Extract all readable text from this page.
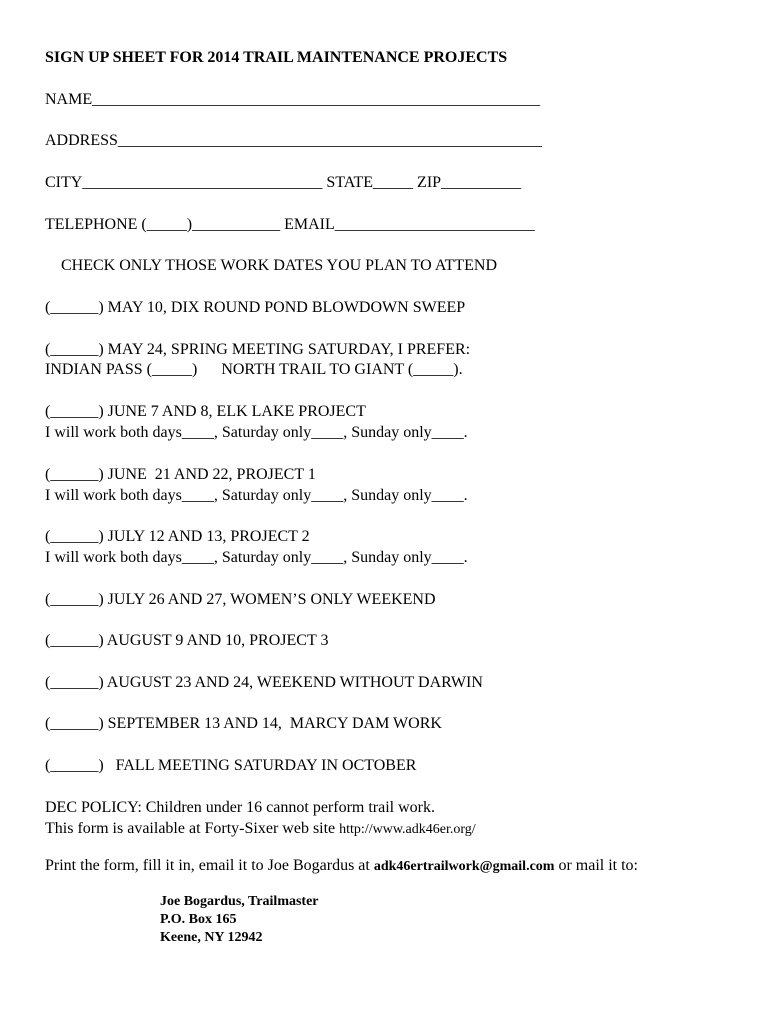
SIGN UP SHEET FOR 2014 TRAIL MAINTENANCE PROJECTS
NAME________________________________________________________
ADDRESS_____________________________________________________
CITY______________________________ STATE_____ ZIP__________
TELEPHONE (_____)___________ EMAIL_________________________
CHECK ONLY THOSE WORK DATES YOU PLAN TO ATTEND
(______) MAY 10, DIX ROUND POND BLOWDOWN SWEEP
(______) MAY 24, SPRING MEETING SATURDAY, I PREFER:
INDIAN PASS (_____)      NORTH TRAIL TO GIANT (_____).
(______) JUNE 7 AND 8, ELK LAKE PROJECT
I will work both days____, Saturday only____, Sunday only____.
(______) JUNE  21 AND 22, PROJECT 1
I will work both days____, Saturday only____, Sunday only____.
(______) JULY 12 AND 13, PROJECT 2
I will work both days____, Saturday only____, Sunday only____.
(______) JULY 26 AND 27, WOMEN’S ONLY WEEKEND
(______) AUGUST 9 AND 10, PROJECT 3
(______) AUGUST 23 AND 24, WEEKEND WITHOUT DARWIN
(______) SEPTEMBER 13 AND 14,  MARCY DAM WORK
(______)   FALL MEETING SATURDAY IN OCTOBER
DEC POLICY: Children under 16 cannot perform trail work.
This form is available at Forty-Sixer web site http://www.adk46er.org/
Print the form, fill it in, email it to Joe Bogardus at adk46ertrailwork@gmail.com or mail it to:
Joe Bogardus, Trailmaster
P.O. Box 165
Keene, NY 12942
